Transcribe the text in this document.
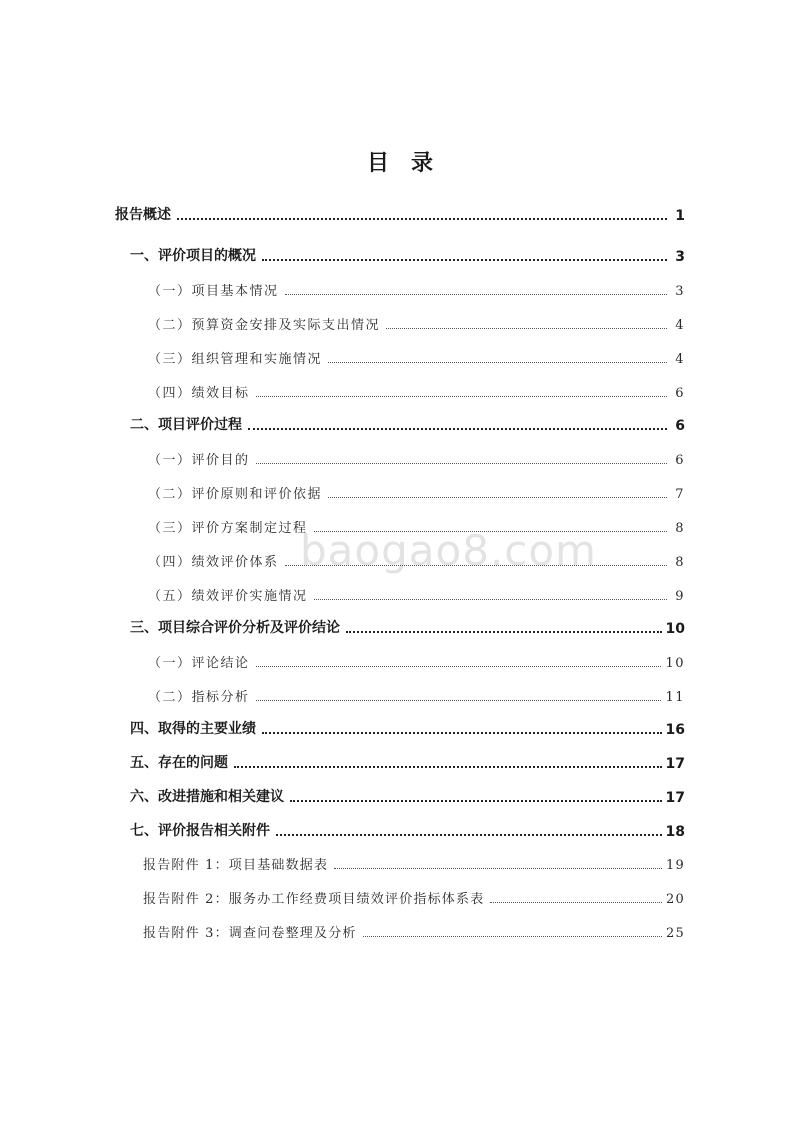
baogao8.com
目　录
报告概述	1
一、评价项目的概况	3
（一）项目基本情况	3
（二）预算资金安排及实际支出情况	4
（三）组织管理和实施情况	4
（四）绩效目标	6
二、项目评价过程	6
（一）评价目的	6
（二）评价原则和评价依据	7
（三）评价方案制定过程	8
（四）绩效评价体系	8
（五）绩效评价实施情况	9
三、项目综合评价分析及评价结论	10
（一）评论结论	10
（二）指标分析	11
四、取得的主要业绩	16
五、存在的问题	17
六、改进措施和相关建议	17
七、评价报告相关附件	18
报告附件 1：项目基础数据表	19
报告附件 2：服务办工作经费项目绩效评价指标体系表	20
报告附件 3：调查问卷整理及分析	25
